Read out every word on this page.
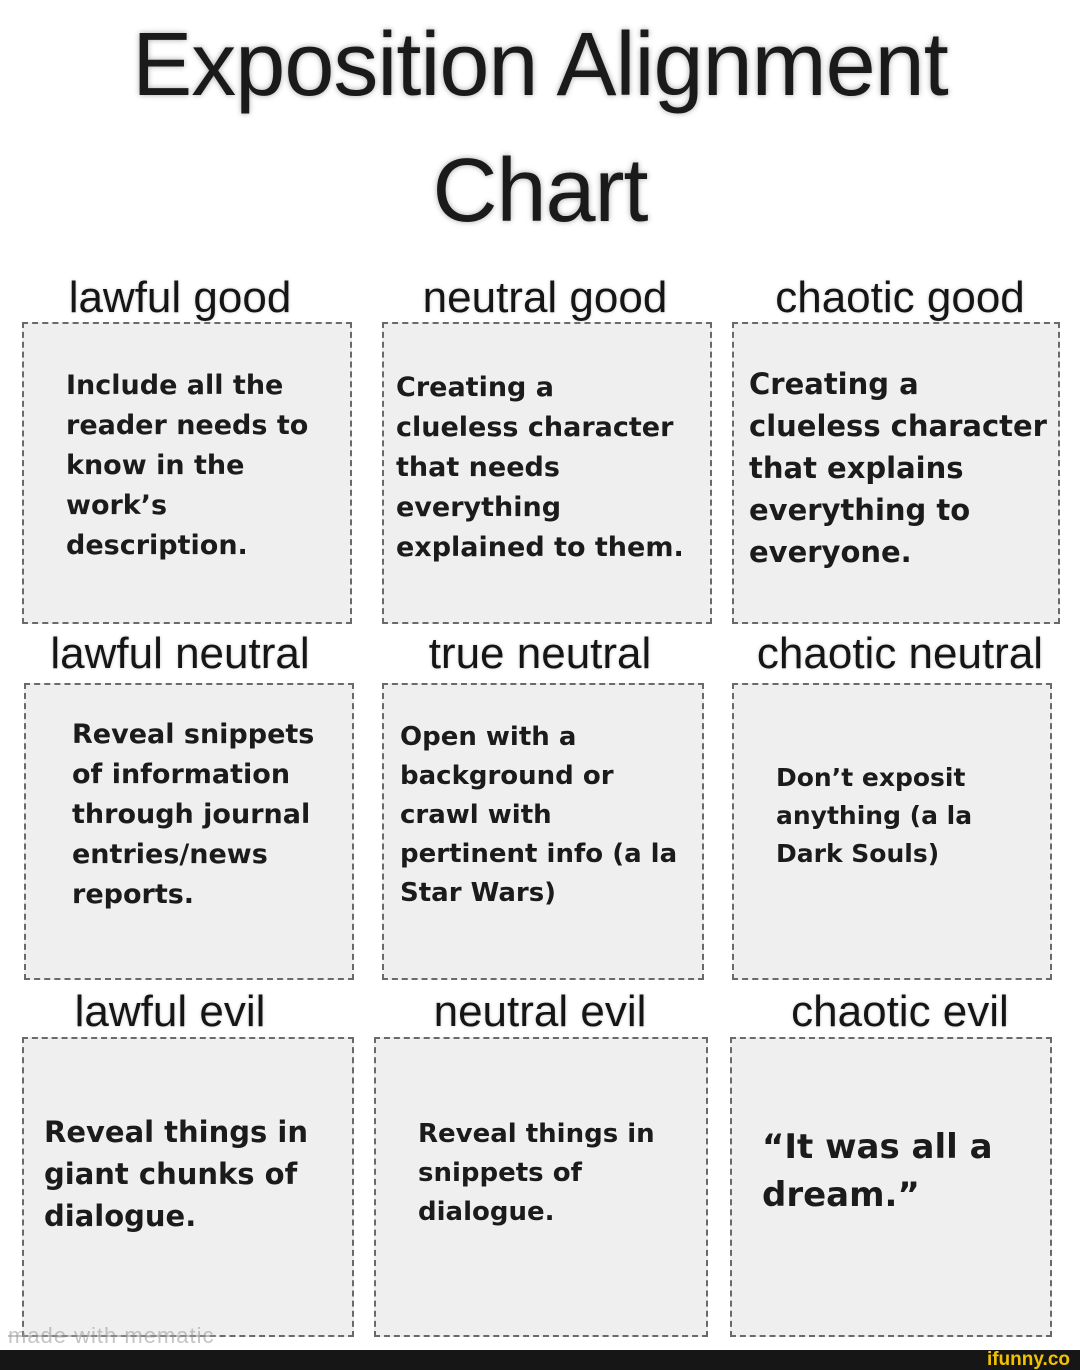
Exposition Alignment
Chart
lawful good	neutral good	chaotic good
Include all the
reader needs to
know in the
work’s
description.
Creating a
clueless character
that needs
everything
explained to them.
Creating a
clueless character
that explains
everything to
everyone.
lawful neutral	true neutral	chaotic neutral
Reveal snippets
of information
through journal
entries/news
reports.
Open with a
background or
crawl with
pertinent info (a la
Star Wars)
Don’t exposit
anything (a la
Dark Souls)
lawful evil	neutral evil	chaotic evil
Reveal things in
giant chunks of
dialogue.
Reveal things in
snippets of
dialogue.
“It was all a
dream.”
made with mematic
ifunny.co
